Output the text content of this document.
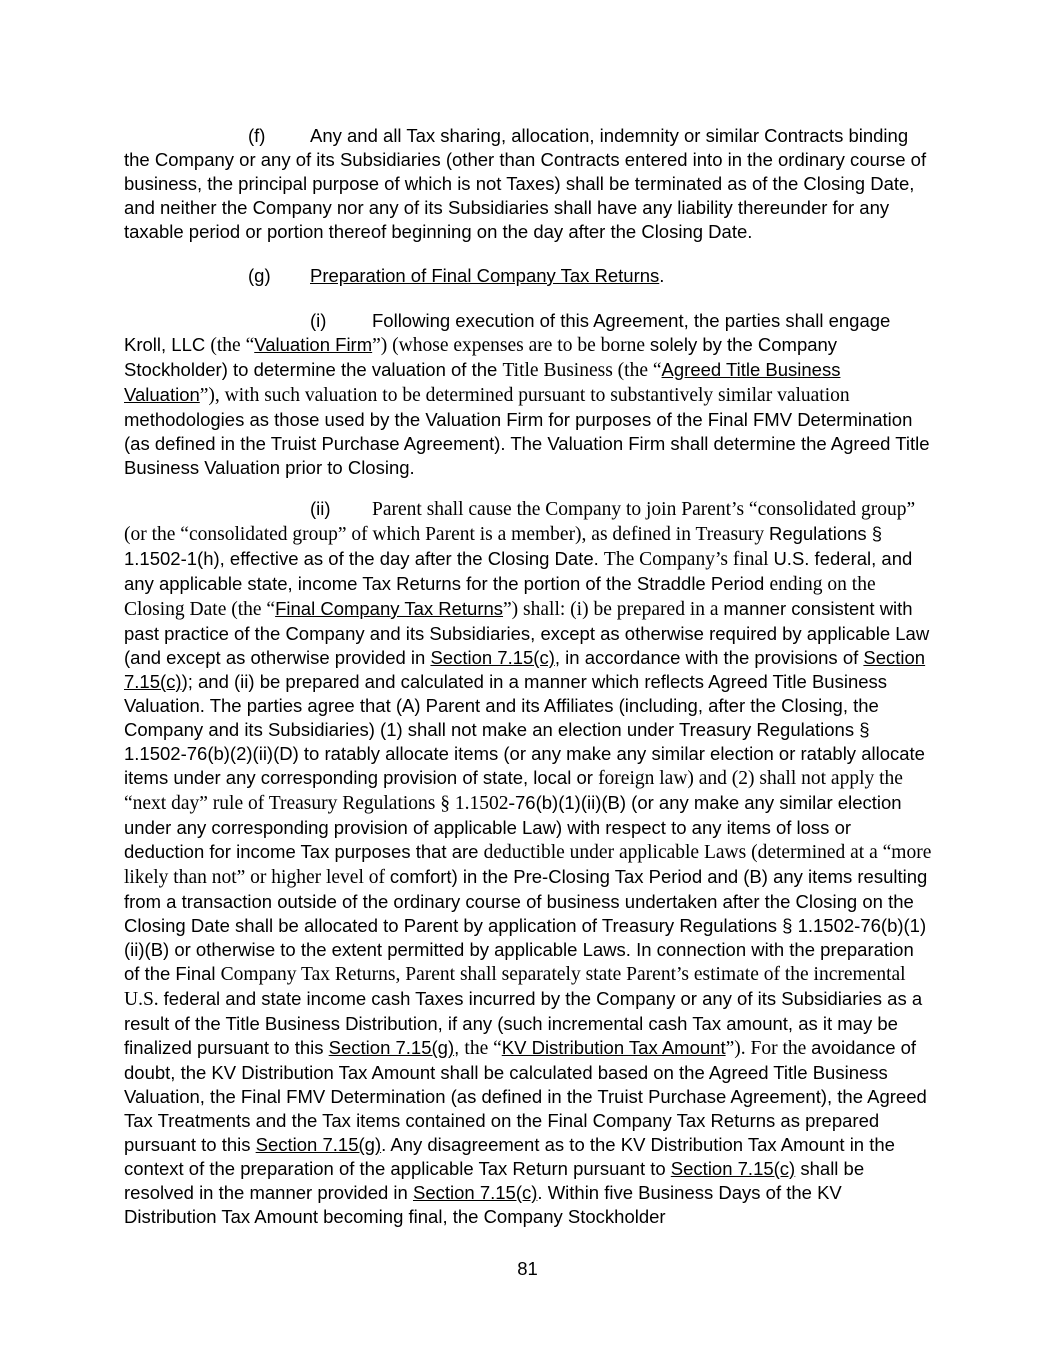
(f) Any and all Tax sharing, allocation, indemnity or similar Contracts binding the Company or any of its Subsidiaries (other than Contracts entered into in the ordinary course of business, the principal purpose of which is not Taxes) shall be terminated as of the Closing Date, and neither the Company nor any of its Subsidiaries shall have any liability thereunder for any taxable period or portion thereof beginning on the day after the Closing Date.

(g) Preparation of Final Company Tax Returns.

(i) Following execution of this Agreement, the parties shall engage Kroll, LLC (the “Valuation Firm”) (whose expenses are to be borne solely by the Company Stockholder) to determine the valuation of the Title Business (the “Agreed Title Business Valuation”), with such valuation to be determined pursuant to substantively similar valuation methodologies as those used by the Valuation Firm for purposes of the Final FMV Determination (as defined in the Truist Purchase Agreement). The Valuation Firm shall determine the Agreed Title Business Valuation prior to Closing.

(ii) Parent shall cause the Company to join Parent’s “consolidated group” (or the “consolidated group” of which Parent is a member), as defined in Treasury Regulations § 1.1502-1(h), effective as of the day after the Closing Date. The Company’s final U.S. federal, and any applicable state, income Tax Returns for the portion of the Straddle Period ending on the Closing Date (the “Final Company Tax Returns”) shall: (i) be prepared in a manner consistent with past practice of the Company and its Subsidiaries, except as otherwise required by applicable Law (and except as otherwise provided in Section 7.15(c), in accordance with the provisions of Section 7.15(c)); and (ii) be prepared and calculated in a manner which reflects Agreed Title Business Valuation. The parties agree that (A) Parent and its Affiliates (including, after the Closing, the Company and its Subsidiaries) (1) shall not make an election under Treasury Regulations § 1.1502-76(b)(2)(ii)(D) to ratably allocate items (or any make any similar election or ratably allocate items under any corresponding provision of state, local or foreign law) and (2) shall not apply the “next day” rule of Treasury Regulations § 1.1502-76(b)(1)(ii)(B) (or any make any similar election under any corresponding provision of applicable Law) with respect to any items of loss or deduction for income Tax purposes that are deductible under applicable Laws (determined at a “more likely than not” or higher level of comfort) in the Pre-Closing Tax Period and (B) any items resulting from a transaction outside of the ordinary course of business undertaken after the Closing on the Closing Date shall be allocated to Parent by application of Treasury Regulations § 1.1502-76(b)(1)(ii)(B) or otherwise to the extent permitted by applicable Laws. In connection with the preparation of the Final Company Tax Returns, Parent shall separately state Parent’s estimate of the incremental U.S. federal and state income cash Taxes incurred by the Company or any of its Subsidiaries as a result of the Title Business Distribution, if any (such incremental cash Tax amount, as it may be finalized pursuant to this Section 7.15(g), the “KV Distribution Tax Amount”). For the avoidance of doubt, the KV Distribution Tax Amount shall be calculated based on the Agreed Title Business Valuation, the Final FMV Determination (as defined in the Truist Purchase Agreement), the Agreed Tax Treatments and the Tax items contained on the Final Company Tax Returns as prepared pursuant to this Section 7.15(g). Any disagreement as to the KV Distribution Tax Amount in the context of the preparation of the applicable Tax Return pursuant to Section 7.15(c) shall be resolved in the manner provided in Section 7.15(c). Within five Business Days of the KV Distribution Tax Amount becoming final, the Company Stockholder

81
